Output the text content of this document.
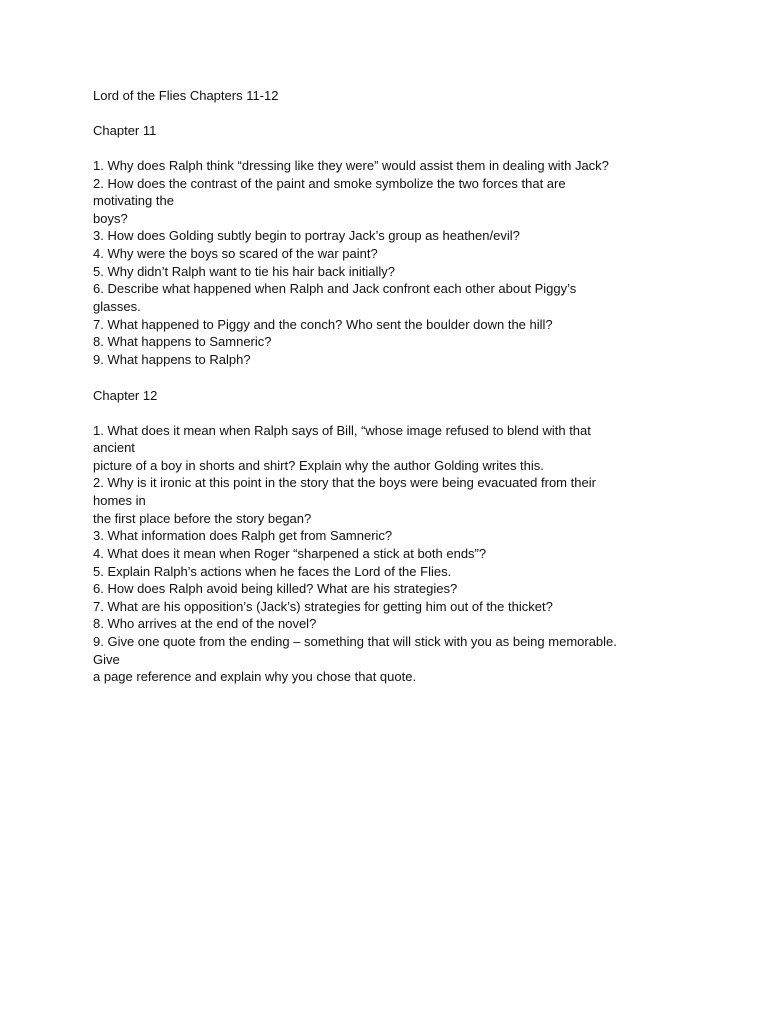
Lord of the Flies Chapters 11-12

Chapter 11

1. Why does Ralph think “dressing like they were” would assist them in dealing with Jack?

2. How does the contrast of the paint and smoke symbolize the two forces that are

motivating the

boys?

3. How does Golding subtly begin to portray Jack’s group as heathen/evil?

4. Why were the boys so scared of the war paint?

5. Why didn’t Ralph want to tie his hair back initially?

6. Describe what happened when Ralph and Jack confront each other about Piggy’s

glasses.

7. What happened to Piggy and the conch? Who sent the boulder down the hill?

8. What happens to Samneric?

9. What happens to Ralph?

Chapter 12

1. What does it mean when Ralph says of Bill, “whose image refused to blend with that

ancient

picture of a boy in shorts and shirt? Explain why the author Golding writes this.

2. Why is it ironic at this point in the story that the boys were being evacuated from their

homes in

the first place before the story began?

3. What information does Ralph get from Samneric?

4. What does it mean when Roger “sharpened a stick at both ends”?

5. Explain Ralph’s actions when he faces the Lord of the Flies.

6. How does Ralph avoid being killed? What are his strategies?

7. What are his opposition’s (Jack’s) strategies for getting him out of the thicket?

8. Who arrives at the end of the novel?

9. Give one quote from the ending – something that will stick with you as being memorable.

Give

a page reference and explain why you chose that quote.
